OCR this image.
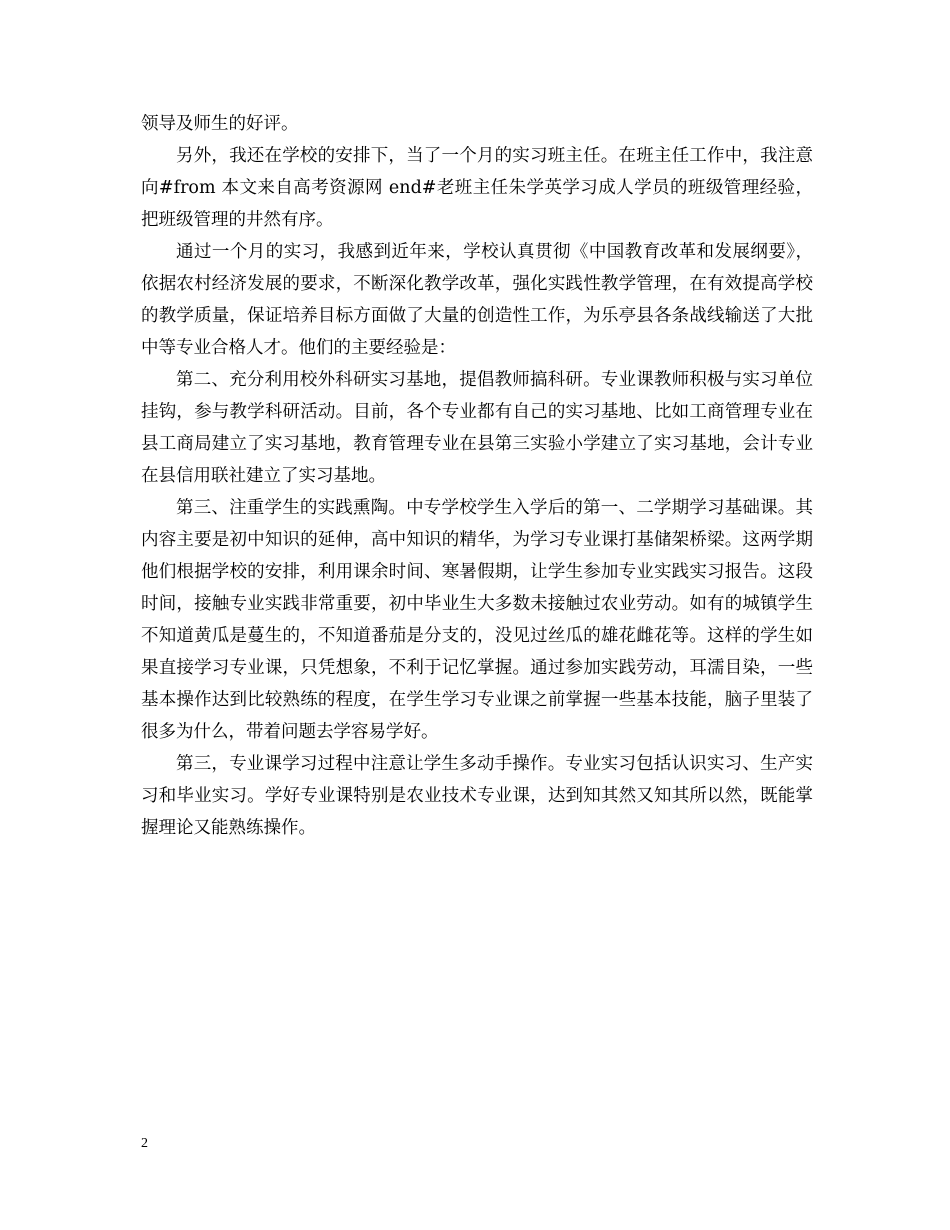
领导及师生的好评。

另外，我还在学校的安排下，当了一个月的实习班主任。在班主任工作中，我注意向#from 本文来自高考资源网 end#老班主任朱学英学习成人学员的班级管理经验，把班级管理的井然有序。

通过一个月的实习，我感到近年来，学校认真贯彻《中国教育改革和发展纲要》，依据农村经济发展的要求，不断深化教学改革，强化实践性教学管理，在有效提高学校的教学质量，保证培养目标方面做了大量的创造性工作，为乐亭县各条战线输送了大批中等专业合格人才。他们的主要经验是：

第二、充分利用校外科研实习基地，提倡教师搞科研。专业课教师积极与实习单位挂钩，参与教学科研活动。目前，各个专业都有自己的实习基地、比如工商管理专业在县工商局建立了实习基地，教育管理专业在县第三实验小学建立了实习基地，会计专业在县信用联社建立了实习基地。

第三、注重学生的实践熏陶。中专学校学生入学后的第一、二学期学习基础课。其内容主要是初中知识的延伸，高中知识的精华，为学习专业课打基储架桥梁。这两学期他们根据学校的安排，利用课余时间、寒暑假期，让学生参加专业实践实习报告。这段时间，接触专业实践非常重要，初中毕业生大多数未接触过农业劳动。如有的城镇学生不知道黄瓜是蔓生的，不知道番茄是分支的，没见过丝瓜的雄花雌花等。这样的学生如果直接学习专业课，只凭想象，不利于记忆掌握。通过参加实践劳动，耳濡目染，一些基本操作达到比较熟练的程度，在学生学习专业课之前掌握一些基本技能，脑子里装了很多为什么，带着问题去学容易学好。

第三，专业课学习过程中注意让学生多动手操作。专业实习包括认识实习、生产实习和毕业实习。学好专业课特别是农业技术专业课，达到知其然又知其所以然，既能掌握理论又能熟练操作。

2
